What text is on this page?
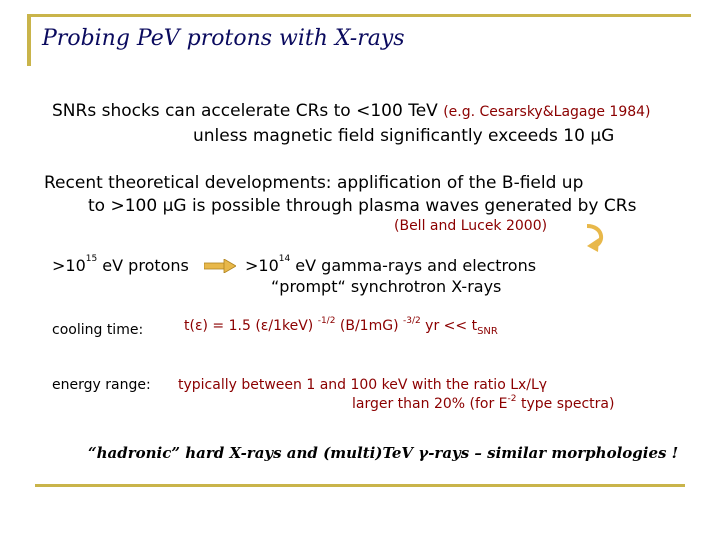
Probing PeV protons with X-rays
SNRs shocks can accelerate CRs to <100 TeV (e.g. Cesarsky&Lagage 1984)
unless magnetic field significantly exceeds 10 µG
Recent theoretical developments: applification of the B-field up
to >100 µG is possible through plasma waves generated by CRs
(Bell and Lucek 2000)
$>10^{15}$ eV protons	$>10^{14}$ eV gamma-rays and electrons
“prompt“ synchrotron X-rays
cooling time:	t(ε) = 1.5 (ε/1keV) $^{-1/2}$ (B/1mG) $^{-3/2}$ yr << $t_{SNR}$
energy range: typically between 1 and 100 keV with the ratio Lx/Lγ
larger than 20% (for $E^{-2}$ type spectra)
“hadronic” hard X-rays and (multi)TeV γ-rays – similar morphologies !
